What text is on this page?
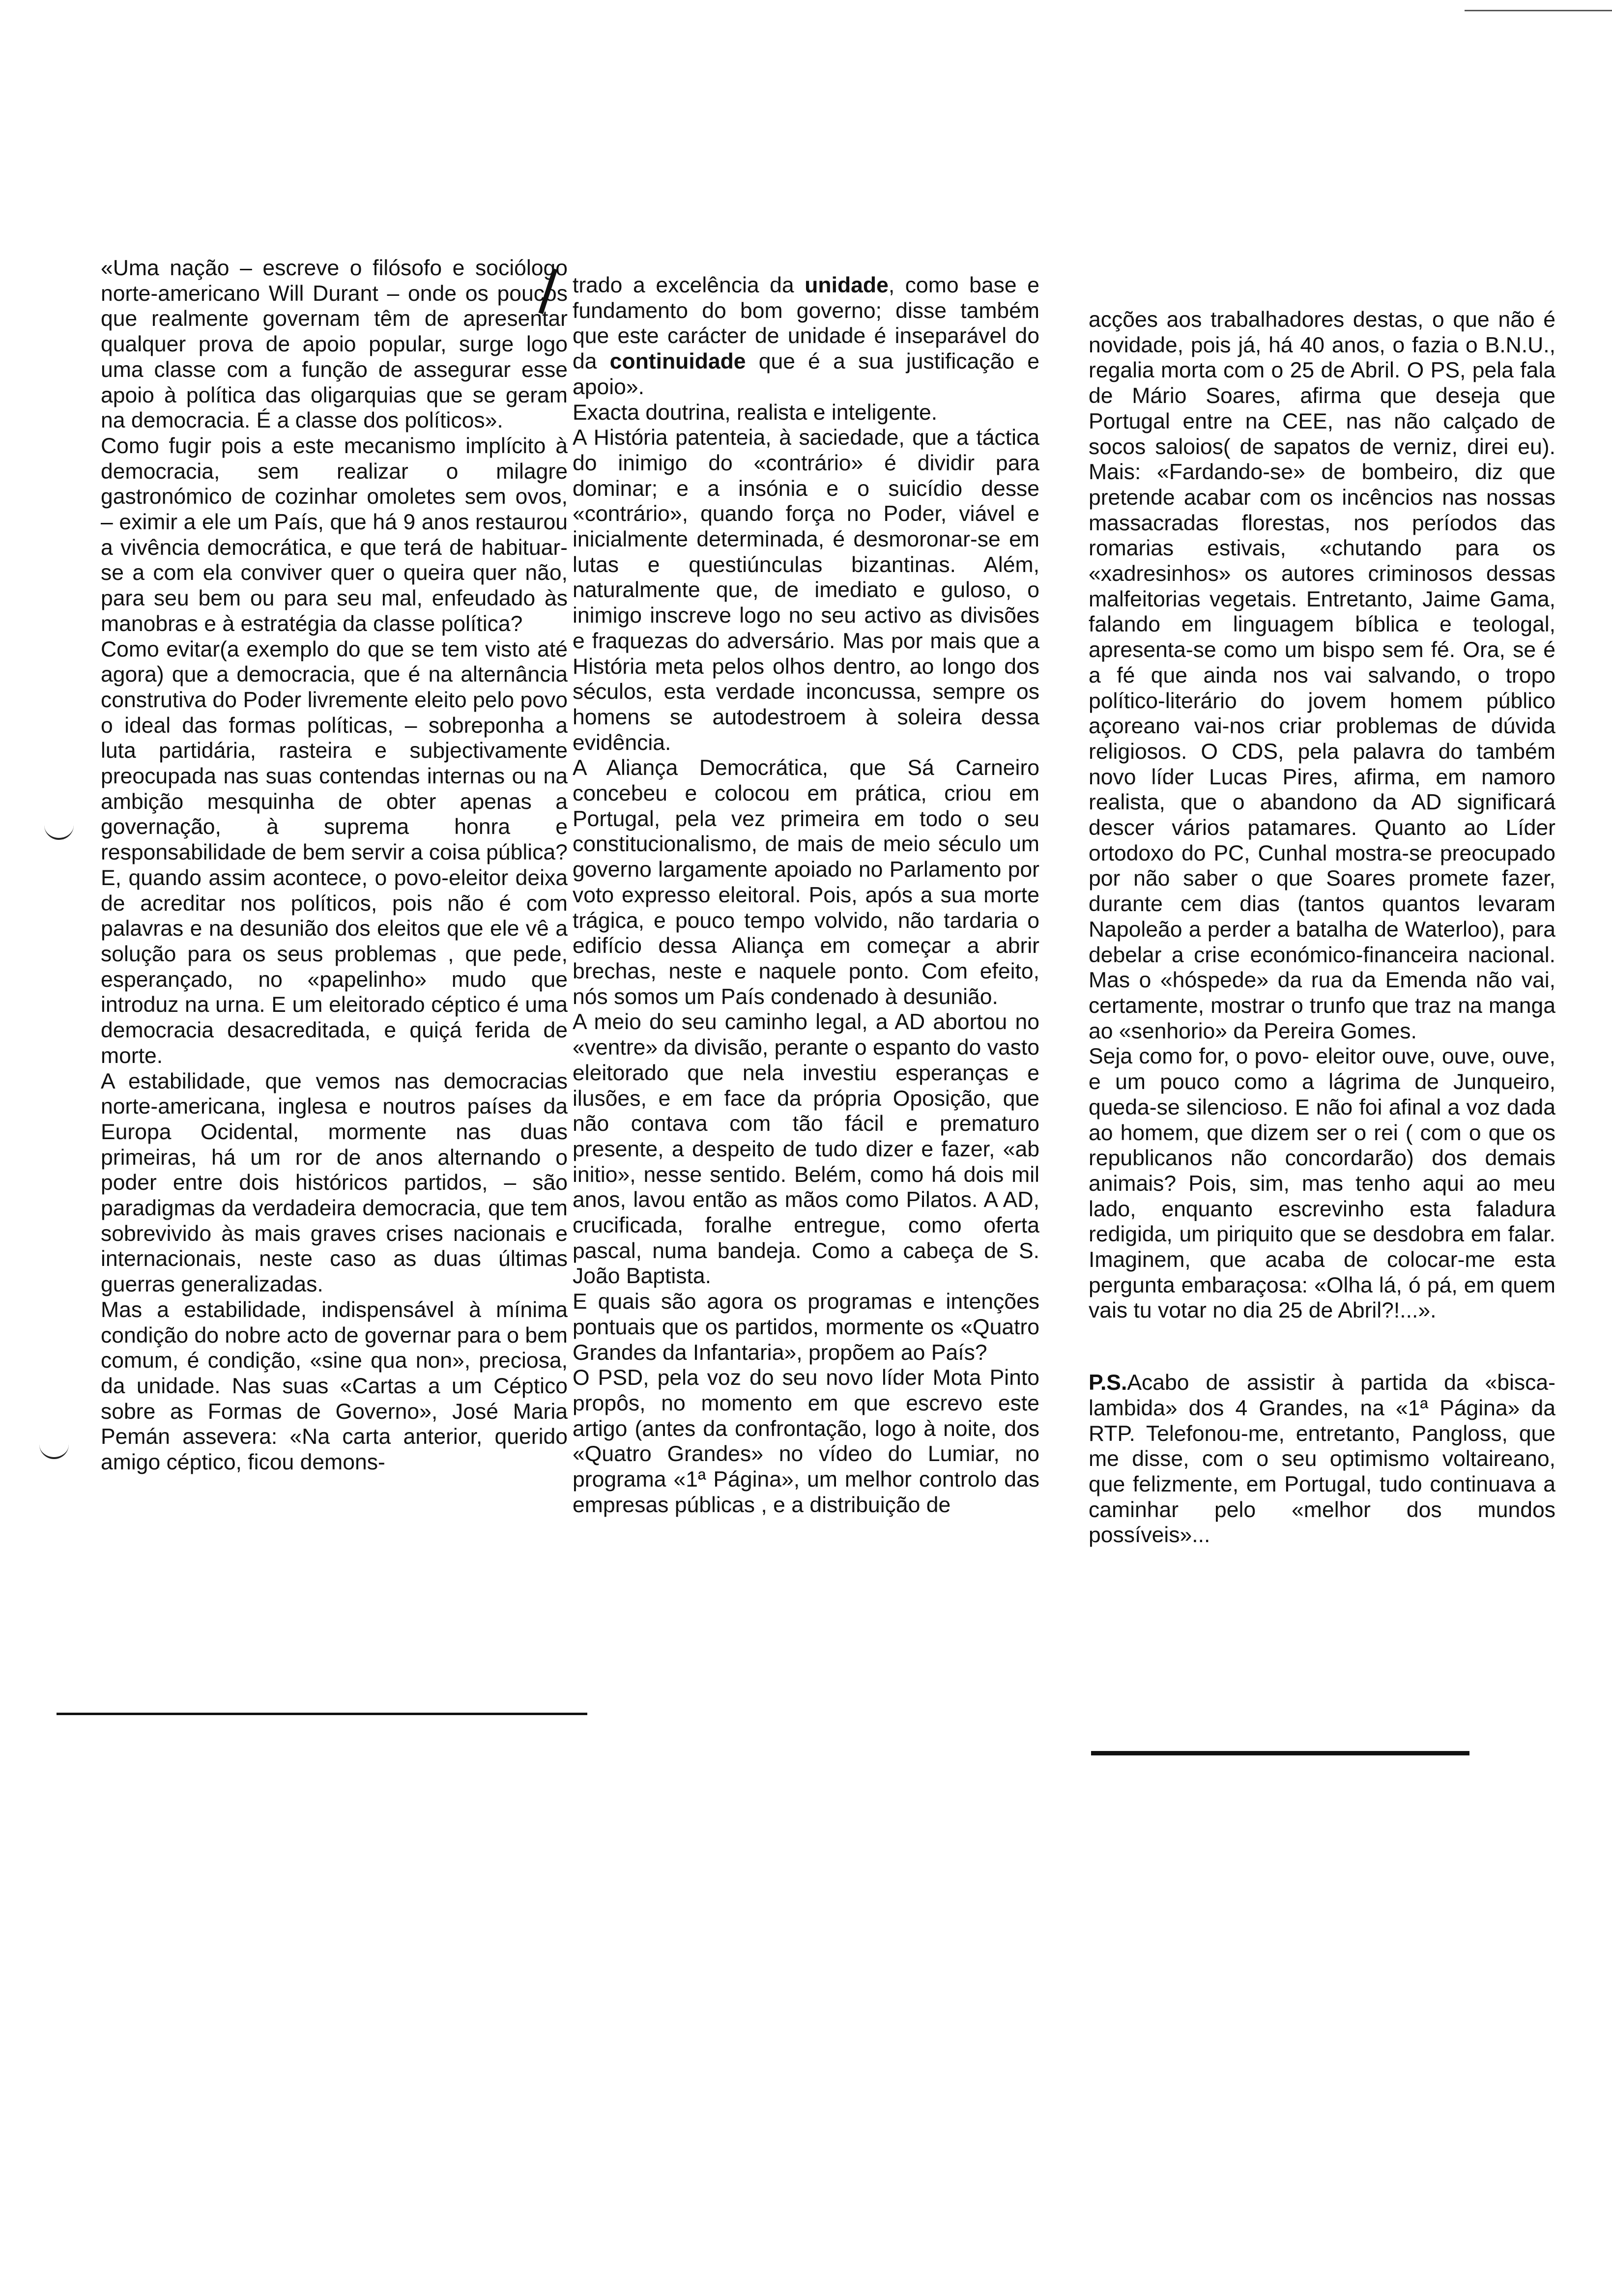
«Uma nação – escreve o filósofo e sociólogo norte-americano Will Durant – onde os poucos que realmente governam têm de apresentar qualquer prova de apoio popular, surge logo uma classe com a função de assegurar esse apoio à política das oligarquias que se geram na democracia. É a classe dos políticos».

Como fugir pois a este mecanismo implícito à democracia, sem realizar o milagre gastronómico de cozinhar omoletes sem ovos, – eximir a ele um País, que há 9 anos restaurou a vivência democrática, e que terá de habituar-se a com ela conviver quer o queira quer não, para seu bem ou para seu mal, enfeudado às manobras e à estratégia da classe política?

Como evitar(a exemplo do que se tem visto até agora) que a democracia, que é na alternância construtiva do Poder livremente eleito pelo povo o ideal das formas políticas, – sobreponha a luta partidária, rasteira e subjectivamente preocupada nas suas contendas internas ou na ambição mesquinha de obter apenas a governação, à suprema honra e responsabilidade de bem servir a coisa pública?

E, quando assim acontece, o povo-eleitor deixa de acreditar nos políticos, pois não é com palavras e na desunião dos eleitos que ele vê a solução para os seus problemas , que pede, esperançado, no «papelinho» mudo que introduz na urna. E um eleitorado céptico é uma democracia desacreditada, e quiçá ferida de morte.

A estabilidade, que vemos nas democracias norte-americana, inglesa e noutros países da Europa Ocidental, mormente nas duas primeiras, há um ror de anos alternando o poder entre dois históricos partidos, – são paradigmas da verdadeira democracia, que tem sobrevivido às mais graves crises nacionais e internacionais, neste caso as duas últimas guerras generalizadas.

Mas a estabilidade, indispensável à mínima condição do nobre acto de governar para o bem comum, é condição, «sine qua non», preciosa, da unidade. Nas suas «Cartas a um Céptico sobre as Formas de Governo», José Maria Pemán assevera: «Na carta anterior, querido amigo céptico, ficou demons-

trado a excelência da unidade, como base e fundamento do bom governo; disse também que este carácter de unidade é inseparável do da continuidade que é a sua justificação e apoio».

Exacta doutrina, realista e inteligente.

A História patenteia, à saciedade, que a táctica do inimigo do «contrário» é dividir para dominar; e a insónia e o suicídio desse «contrário», quando força no Poder, viável e inicialmente determinada, é desmoronar-se em lutas e questiúnculas bizantinas. Além, naturalmente que, de imediato e guloso, o inimigo inscreve logo no seu activo as divisões e fraquezas do adversário. Mas por mais que a História meta pelos olhos dentro, ao longo dos séculos, esta verdade inconcussa, sempre os homens se autodestroem à soleira dessa evidência.

A Aliança Democrática, que Sá Carneiro concebeu e colocou em prática, criou em Portugal, pela vez primeira em todo o seu constitucionalismo, de mais de meio século um governo largamente apoiado no Parlamento por voto expresso eleitoral. Pois, após a sua morte trágica, e pouco tempo volvido, não tardaria o edifício dessa Aliança em começar a abrir brechas, neste e naquele ponto. Com efeito, nós somos um País condenado à desunião.

A meio do seu caminho legal, a AD abortou no «ventre» da divisão, perante o espanto do vasto eleitorado que nela investiu esperanças e ilusões, e em face da própria Oposição, que não contava com tão fácil e prematuro presente, a despeito de tudo dizer e fazer, «ab initio», nesse sentido. Belém, como há dois mil anos, lavou então as mãos como Pilatos. A AD, crucificada, foralhe entregue, como oferta pascal, numa bandeja. Como a cabeça de S. João Baptista.

E quais são agora os programas e intenções pontuais que os partidos, mormente os «Quatro Grandes da Infantaria», propõem ao País?

O PSD, pela voz do seu novo líder Mota Pinto propôs, no momento em que escrevo este artigo (antes da confrontação, logo à noite, dos «Quatro Grandes» no vídeo do Lumiar, no programa «1ª Página», um melhor controlo das empresas públicas , e a distribuição de

acções aos trabalhadores destas, o que não é novidade, pois já, há 40 anos, o fazia o B.N.U., regalia morta com o 25 de Abril. O PS, pela fala de Mário Soares, afirma que deseja que Portugal entre na CEE, nas não calçado de socos saloios( de sapatos de verniz, direi eu). Mais: «Fardando-se» de bombeiro, diz que pretende acabar com os incêncios nas nossas massacradas florestas, nos períodos das romarias estivais, «chutando para os «xadresinhos» os autores criminosos dessas malfeitorias vegetais. Entretanto, Jaime Gama, falando em linguagem bíblica e teologal, apresenta-se como um bispo sem fé. Ora, se é a fé que ainda nos vai salvando, o tropo político-literário do jovem homem público açoreano vai-nos criar problemas de dúvida religiosos. O CDS, pela palavra do também novo líder Lucas Pires, afirma, em namoro realista, que o abandono da AD significará descer vários patamares. Quanto ao Líder ortodoxo do PC, Cunhal mostra-se preocupado por não saber o que Soares promete fazer, durante cem dias (tantos quantos levaram Napoleão a perder a batalha de Waterloo), para debelar a crise económico-financeira nacional. Mas o «hóspede» da rua da Emenda não vai, certamente, mostrar o trunfo que traz na manga ao «senhorio» da Pereira Gomes.

Seja como for, o povo- eleitor ouve, ouve, ouve, e um pouco como a lágrima de Junqueiro, queda-se silencioso. E não foi afinal a voz dada ao homem, que dizem ser o rei ( com o que os republicanos não concordarão) dos demais animais? Pois, sim, mas tenho aqui ao meu lado, enquanto escrevinho esta faladura redigida, um piriquito que se desdobra em falar. Imaginem, que acaba de colocar-me esta pergunta embaraçosa: «Olha lá, ó pá, em quem vais tu votar no dia 25 de Abril?!...».

P.S.Acabo de assistir à partida da «bisca-lambida» dos 4 Grandes, na «1ª Página» da RTP. Telefonou-me, entretanto, Pangloss, que me disse, com o seu optimismo voltaireano, que felizmente, em Portugal, tudo continuava a caminhar pelo «melhor dos mundos possíveis»...
